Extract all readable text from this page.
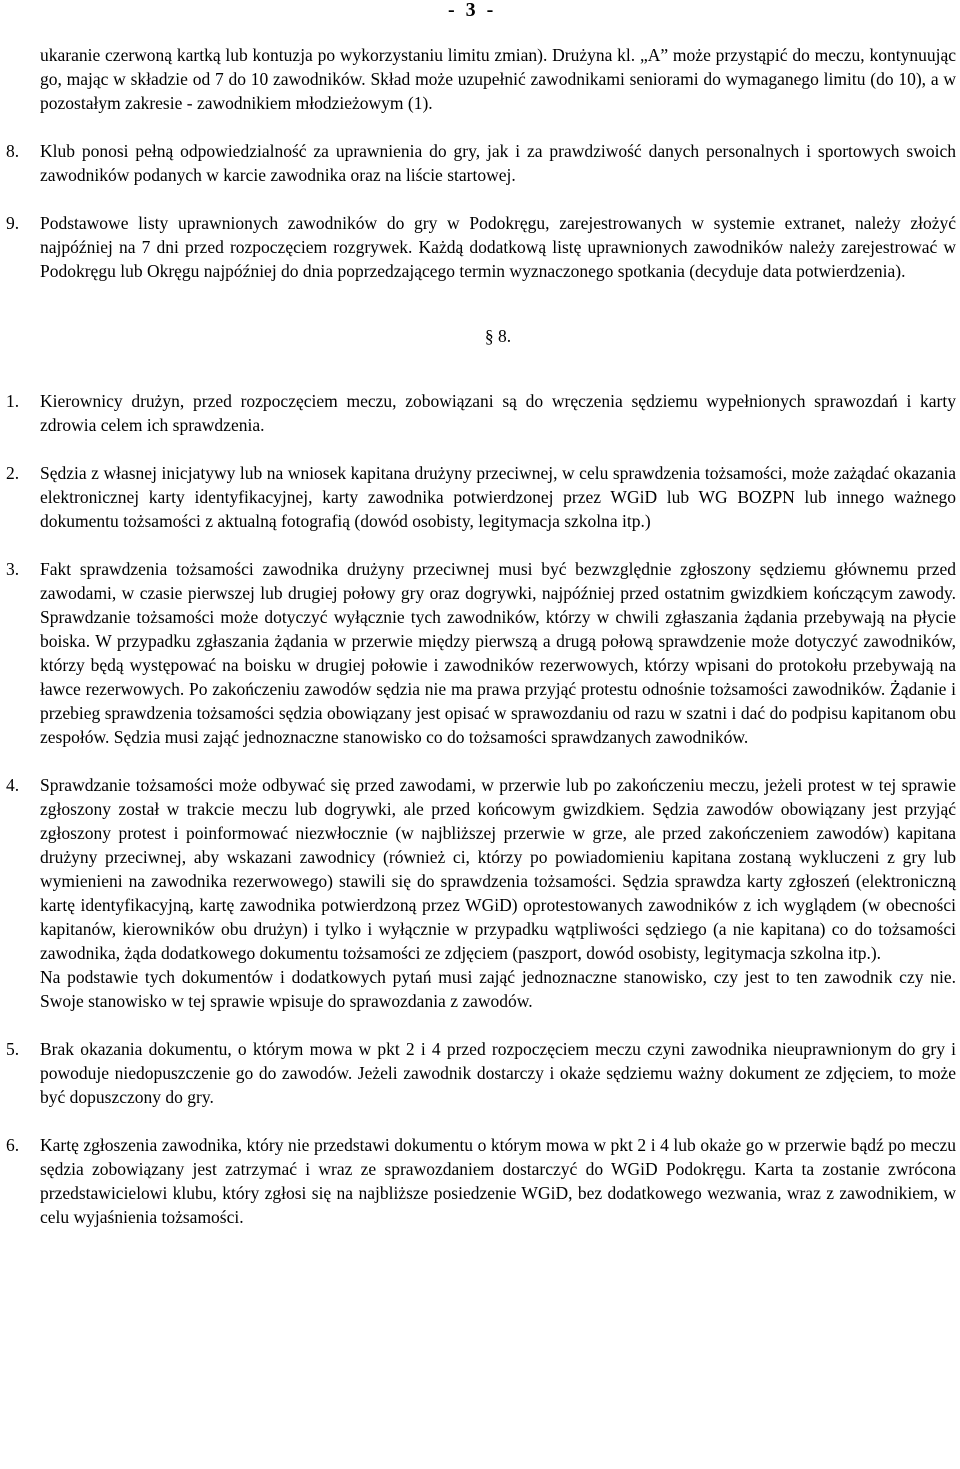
- 3 -

ukaranie czerwoną kartką lub kontuzja po wykorzystaniu limitu zmian). Drużyna kl. „A” może przystąpić do meczu, kontynuując go, mając w składzie od 7 do 10 zawodników. Skład może uzupełnić zawodnikami seniorami do wymaganego limitu (do 10), a w pozostałym zakresie - zawodnikiem młodzieżowym (1).

8.	Klub ponosi pełną odpowiedzialność za uprawnienia do gry, jak i za prawdziwość danych personalnych i sportowych swoich zawodników podanych w karcie zawodnika oraz na liście startowej.
9.	Podstawowe listy uprawnionych zawodników do gry w Podokręgu, zarejestrowanych w systemie extranet, należy złożyć najpóźniej na 7 dni przed rozpoczęciem rozgrywek. Każdą dodatkową listę uprawnionych zawodników należy zarejestrować w Podokręgu lub Okręgu najpóźniej do dnia poprzedzającego termin wyznaczonego spotkania (decyduje data potwierdzenia).

§ 8.

1.	Kierownicy drużyn, przed rozpoczęciem meczu, zobowiązani są do wręczenia sędziemu wypełnionych sprawozdań i karty zdrowia celem ich sprawdzenia.
2.	Sędzia z własnej inicjatywy lub na wniosek kapitana drużyny przeciwnej, w celu sprawdzenia tożsamości, może zażądać okazania elektronicznej karty identyfikacyjnej, karty zawodnika potwierdzonej przez WGiD lub WG BOZPN lub innego ważnego dokumentu tożsamości z aktualną fotografią (dowód osobisty, legitymacja szkolna itp.)
3.	Fakt sprawdzenia tożsamości zawodnika drużyny przeciwnej musi być bezwzględnie zgłoszony sędziemu głównemu przed zawodami, w czasie pierwszej lub drugiej połowy gry oraz dogrywki, najpóźniej przed ostatnim gwizdkiem kończącym zawody. Sprawdzanie tożsamości może dotyczyć wyłącznie tych zawodników, którzy w chwili zgłaszania żądania przebywają na płycie boiska. W przypadku zgłaszania żądania w przerwie między pierwszą a drugą połową sprawdzenie może dotyczyć zawodników, którzy będą występować na boisku w drugiej połowie i zawodników rezerwowych, którzy wpisani do protokołu przebywają na ławce rezerwowych. Po zakończeniu zawodów sędzia nie ma prawa przyjąć protestu odnośnie tożsamości zawodników. Żądanie i przebieg sprawdzenia tożsamości sędzia obowiązany jest opisać w sprawozdaniu od razu w szatni i dać do podpisu kapitanom obu zespołów. Sędzia musi zająć jednoznaczne stanowisko co do tożsamości sprawdzanych zawodników.
4.	Sprawdzanie tożsamości może odbywać się przed zawodami, w przerwie lub po zakończeniu meczu, jeżeli protest w tej sprawie zgłoszony został w trakcie meczu lub dogrywki, ale przed końcowym gwizdkiem. Sędzia zawodów obowiązany jest przyjąć zgłoszony protest i poinformować niezwłocznie (w najbliższej przerwie w grze, ale przed zakończeniem zawodów) kapitana drużyny przeciwnej, aby wskazani zawodnicy (również ci, którzy po powiadomieniu kapitana zostaną wykluczeni z gry lub wymienieni na zawodnika rezerwowego) stawili się do sprawdzenia tożsamości. Sędzia sprawdza karty zgłoszeń (elektroniczną kartę identyfikacyjną, kartę zawodnika potwierdzoną przez WGiD) oprotestowanych zawodników z ich wyglądem (w obecności kapitanów, kierowników obu drużyn) i tylko i wyłącznie w przypadku wątpliwości sędziego (a nie kapitana) co do tożsamości zawodnika, żąda dodatkowego dokumentu tożsamości ze zdjęciem (paszport, dowód osobisty, legitymacja szkolna itp.).
Na podstawie tych dokumentów i dodatkowych pytań musi zająć jednoznaczne stanowisko, czy jest to ten zawodnik czy nie. Swoje stanowisko w tej sprawie wpisuje do sprawozdania z zawodów.
5.	Brak okazania dokumentu, o którym mowa w pkt 2 i 4 przed rozpoczęciem meczu czyni zawodnika nieuprawnionym do gry i powoduje niedopuszczenie go do zawodów. Jeżeli zawodnik dostarczy i okaże sędziemu ważny dokument ze zdjęciem, to może być dopuszczony do gry.
6.	Kartę zgłoszenia zawodnika, który nie przedstawi dokumentu o którym mowa w pkt 2 i 4 lub okaże go w przerwie bądź po meczu sędzia zobowiązany jest zatrzymać i wraz ze sprawozdaniem dostarczyć do WGiD Podokręgu. Karta ta zostanie zwrócona przedstawicielowi klubu, który zgłosi się na najbliższe posiedzenie WGiD, bez dodatkowego wezwania, wraz z zawodnikiem, w celu wyjaśnienia tożsamości.
